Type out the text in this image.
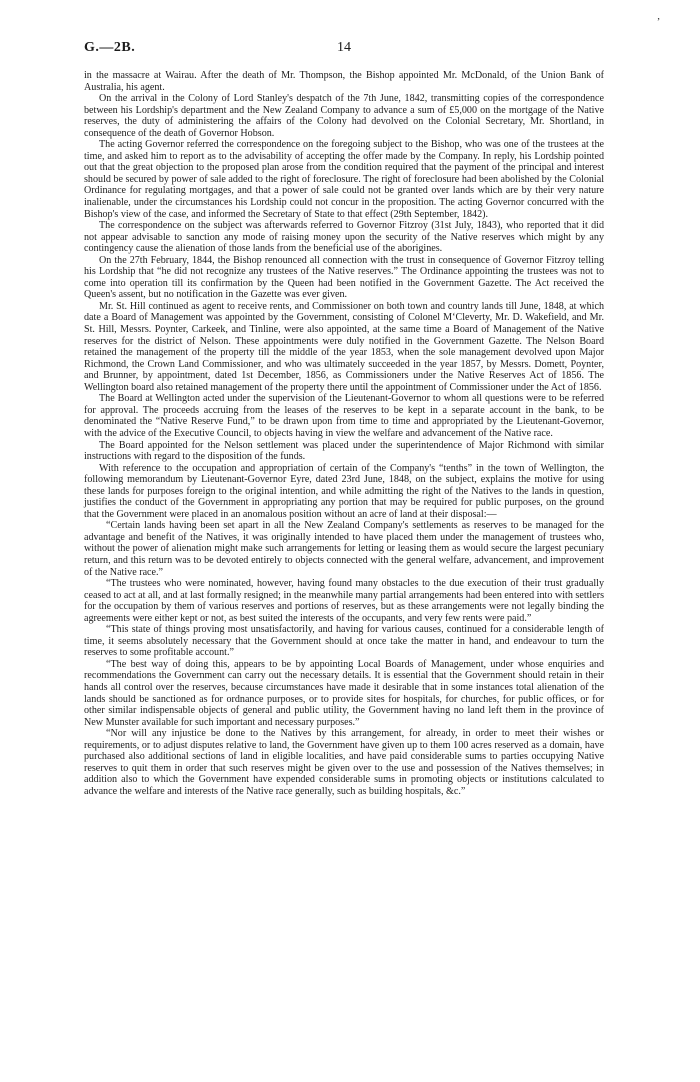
,
G.—2B.	14

in the massacre at Wairau. After the death of Mr. Thompson, the Bishop appointed Mr. McDonald, of the Union Bank of Australia, his agent.

On the arrival in the Colony of Lord Stanley's despatch of the 7th June, 1842, transmitting copies of the correspondence between his Lordship's department and the New Zealand Company to advance a sum of £5,000 on the mortgage of the Native reserves, the duty of administering the affairs of the Colony had devolved on the Colonial Secretary, Mr. Shortland, in consequence of the death of Governor Hobson.

The acting Governor referred the correspondence on the foregoing subject to the Bishop, who was one of the trustees at the time, and asked him to report as to the advisability of accepting the offer made by the Company. In reply, his Lordship pointed out that the great objection to the proposed plan arose from the condition required that the payment of the principal and interest should be secured by power of sale added to the right of foreclosure. The right of foreclosure had been abolished by the Colonial Ordinance for regulating mortgages, and that a power of sale could not be granted over lands which are by their very nature inalienable, under the circumstances his Lordship could not concur in the proposition. The acting Governor concurred with the Bishop's view of the case, and informed the Secretary of State to that effect (29th September, 1842).

The correspondence on the subject was afterwards referred to Governor Fitzroy (31st July, 1843), who reported that it did not appear advisable to sanction any mode of raising money upon the security of the Native reserves which might by any contingency cause the alienation of those lands from the beneficial use of the aborigines.

On the 27th February, 1844, the Bishop renounced all connection with the trust in consequence of Governor Fitzroy telling his Lordship that “he did not recognize any trustees of the Native reserves.” The Ordinance appointing the trustees was not to come into operation till its confirmation by the Queen had been notified in the Government Gazette. The Act received the Queen's assent, but no notification in the Gazette was ever given.

Mr. St. Hill continued as agent to receive rents, and Commissioner on both town and country lands till June, 1848, at which date a Board of Management was appointed by the Government, consisting of Colonel M‘Cleverty, Mr. D. Wakefield, and Mr. St. Hill, Messrs. Poynter, Carkeek, and Tinline, were also appointed, at the same time a Board of Management of the Native reserves for the district of Nelson. These appointments were duly notified in the Government Gazette. The Nelson Board retained the management of the property till the middle of the year 1853, when the sole management devolved upon Major Richmond, the Crown Land Commissioner, and who was ultimately succeeded in the year 1857, by Messrs. Domett, Poynter, and Brunner, by appointment, dated 1st December, 1856, as Commissioners under the Native Reserves Act of 1856. The Wellington board also retained management of the property there until the appointment of Commissioner under the Act of 1856.

The Board at Wellington acted under the supervision of the Lieutenant-Governor to whom all questions were to be referred for approval. The proceeds accruing from the leases of the reserves to be kept in a separate account in the bank, to be denominated the “Native Reserve Fund,” to be drawn upon from time to time and appropriated by the Lieutenant-Governor, with the advice of the Executive Council, to objects having in view the welfare and advancement of the Native race.

The Board appointed for the Nelson settlement was placed under the superintendence of Major Richmond with similar instructions with regard to the disposition of the funds.

With reference to the occupation and appropriation of certain of the Company's “tenths” in the town of Wellington, the following memorandum by Lieutenant-Governor Eyre, dated 23rd June, 1848, on the subject, explains the motive for using these lands for purposes foreign to the original intention, and while admitting the right of the Natives to the lands in question, justifies the conduct of the Government in appropriating any portion that may be required for public purposes, on the ground that the Government were placed in an anomalous position without an acre of land at their disposal:—

“Certain lands having been set apart in all the New Zealand Company's settlements as reserves to be managed for the advantage and benefit of the Natives, it was originally intended to have placed them under the management of trustees who, without the power of alienation might make such arrangements for letting or leasing them as would secure the largest pecuniary return, and this return was to be devoted entirely to objects connected with the general welfare, advancement, and improvement of the Native race.”

“The trustees who were nominated, however, having found many obstacles to the due execution of their trust gradually ceased to act at all, and at last formally resigned; in the meanwhile many partial arrangements had been entered into with settlers for the occupation by them of various reserves and portions of reserves, but as these arrangements were not legally binding the agreements were either kept or not, as best suited the interests of the occupants, and very few rents were paid.”

“This state of things proving most unsatisfactorily, and having for various causes, continued for a considerable length of time, it seems absolutely necessary that the Government should at once take the matter in hand, and endeavour to turn the reserves to some profitable account.”

“The best way of doing this, appears to be by appointing Local Boards of Management, under whose enquiries and recommendations the Government can carry out the necessary details. It is essential that the Government should retain in their hands all control over the reserves, because circumstances have made it desirable that in some instances total alienation of the lands should be sanctioned as for ordnance purposes, or to provide sites for hospitals, for churches, for public offices, or for other similar indispensable objects of general and public utility, the Government having no land left them in the province of New Munster available for such important and necessary purposes.”

“Nor will any injustice be done to the Natives by this arrangement, for already, in order to meet their wishes or requirements, or to adjust disputes relative to land, the Government have given up to them 100 acres reserved as a domain, have purchased also additional sections of land in eligible localities, and have paid considerable sums to parties occupying Native reserves to quit them in order that such reserves might be given over to the use and possession of the Natives themselves; in addition also to which the Government have expended considerable sums in promoting objects or institutions calculated to advance the welfare and interests of the Native race generally, such as building hospitals, &c.”
